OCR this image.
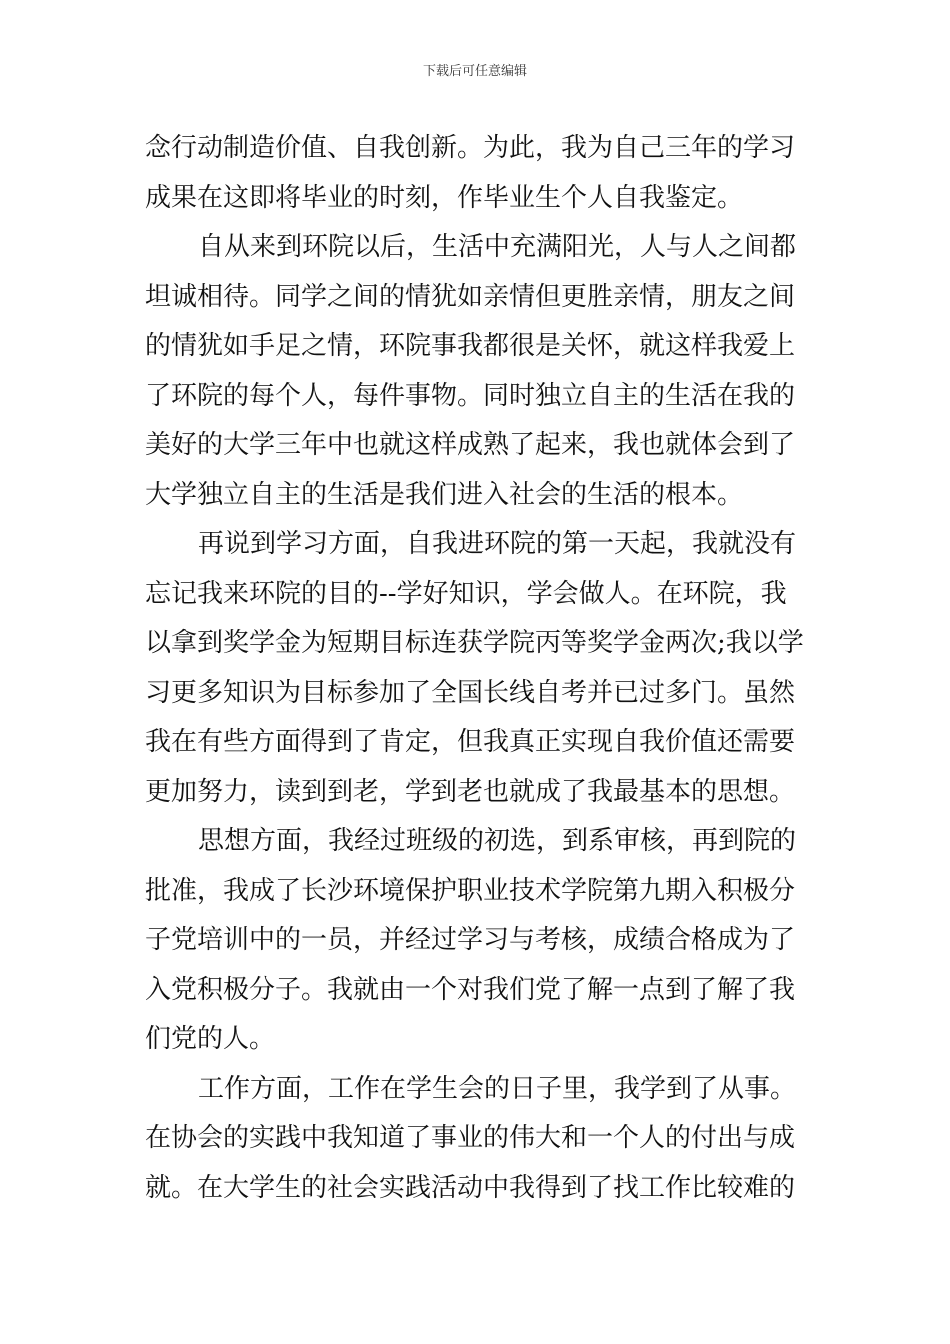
下载后可任意编辑
念行动制造价值、自我创新。为此，我为自己三年的学习
成果在这即将毕业的时刻，作毕业生个人自我鉴定。
自从来到环院以后，生活中充满阳光，人与人之间都
坦诚相待。同学之间的情犹如亲情但更胜亲情，朋友之间
的情犹如手足之情，环院事我都很是关怀，就这样我爱上
了环院的每个人，每件事物。同时独立自主的生活在我的
美好的大学三年中也就这样成熟了起来，我也就体会到了
大学独立自主的生活是我们进入社会的生活的根本。
再说到学习方面，自我进环院的第一天起，我就没有
忘记我来环院的目的--学好知识，学会做人。在环院，我
以拿到奖学金为短期目标连获学院丙等奖学金两次;我以学
习更多知识为目标参加了全国长线自考并已过多门。虽然
我在有些方面得到了肯定，但我真正实现自我价值还需要
更加努力，读到到老，学到老也就成了我最基本的思想。
思想方面，我经过班级的初选，到系审核，再到院的
批准，我成了长沙环境保护职业技术学院第九期入积极分
子党培训中的一员，并经过学习与考核，成绩合格成为了
入党积极分子。我就由一个对我们党了解一点到了解了我
们党的人。
工作方面，工作在学生会的日子里，我学到了从事。
在协会的实践中我知道了事业的伟大和一个人的付出与成
就。在大学生的社会实践活动中我得到了找工作比较难的
